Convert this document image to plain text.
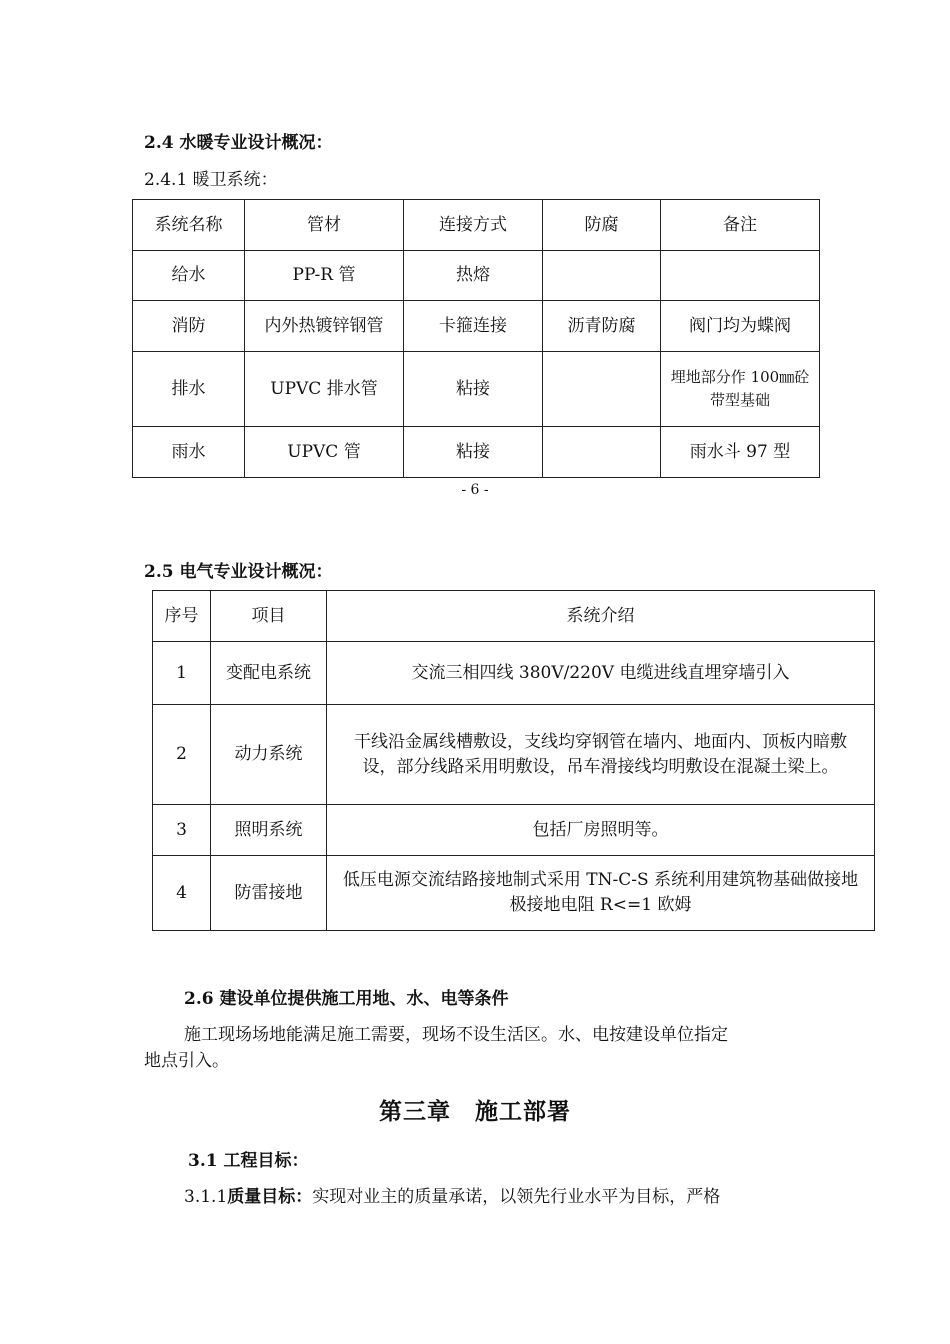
2.4 水暖专业设计概况：
2.4.1 暖卫系统：
系统名称	管材	连接方式	防腐	备注
给水	PP-R 管	热熔		
消防	内外热镀锌钢管	卡箍连接	沥青防腐	阀门均为蝶阀
排水	UPVC 排水管	粘接		埋地部分作 100㎜砼带型基础
雨水	UPVC 管	粘接		雨水斗 97 型
- 6 -
2.5 电气专业设计概况：
序号	项目	系统介绍
1	变配电系统	交流三相四线 380V/220V 电缆进线直埋穿墙引入
2	动力系统	干线沿金属线槽敷设，支线均穿钢管在墙内、地面内、顶板内暗敷设，部分线路采用明敷设，吊车滑接线均明敷设在混凝土梁上。
3	照明系统	包括厂房照明等。
4	防雷接地	低压电源交流结路接地制式采用 TN-C-S 系统利用建筑物基础做接地极接地电阻 R<=1 欧姆
2.6 建设单位提供施工用地、水、电等条件
施工现场场地能满足施工需要，现场不设生活区。水、电按建设单位指定
地点引入。
第三章　施工部署
3.1 工程目标：
3.1.1质量目标：实现对业主的质量承诺，以领先行业水平为目标，严格
